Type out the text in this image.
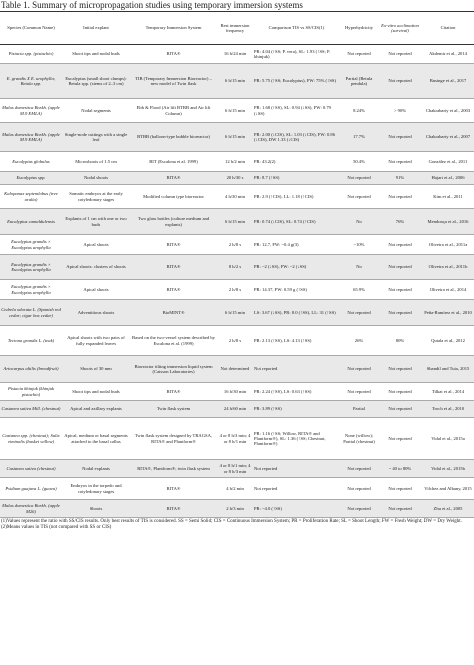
Table 1. Summary of micropropagation studies using temporary immersion systems
Species (Common Name)	Initial explant	Temporary Immersion System	Best immersion frequency	Comparison TIS vs SS/CIS(1)	Hyperhydricity	Ex-vitro acclimation (survival)	Citation
Pistacia spp. (pistachio)	Shoot tips and nodal buds	RITA®	16 h/24 min	PR: 4.04 (↑SS; P. vera), SL: 1.93 (↑SS; P. khinjuk)	Not reported	Not reported	Akdemir et al., 2014
E. grandis X E. urophylla; Betula spp.	Eucalyptus (small shoot clumps): Betula spp. (stems of 2–3 cm)	TIB (Temporary Immersion Bioreactor) – new model of Twin flask	6 h/15 min	PR: 5.75 (↑SS; Eucalyptus), FW: 75% (↑SS)	Partial (Betula pendula)	Not reported	Businge et al., 2017
Malus domestica Borkh. (apple M.9 EMLA)	Nodal segments	Ebb & Flood (Air lift BTBB and Air lift Column)	6 h/15 min	PR: 1.68 (↑SS), SL: 0.94 (↓SS), FW: 0.79 (↓SS)	8.24%	> 90%	Chakrabarty et al., 2003
Malus domestica Borkh. (apple M.9 EMLA)	Single-node cuttings with a single leaf	BTBB (balloon-type bubble bioreactor)	6 h/15 min	PR: 2.00 (↓CIS), SL: 1.03 (↓CIS), FW: 0.86 (↓CIS), DW 1.33 (↓CIS)	17.7%	Not reported	Chakrabarty et al., 2007
Eucalyptus globulus	Microshoots of 1.5 cm	BIT (Escalona et al. 1999)	12 h/2 min	PR: 43.2(2)	50.4%	Not reported	González et al., 2011
Eucalyptus spp.	Nodal shoots	RITA®	20 h/30 s	PR: 8.7 (↑SS)	Not reported	91%	Hajari et al., 2006
Kalopanax septemlobus (tree aralia)	Somatic embryos at the early cotyledonary stages	Modified column type bioreactor	4 h/30 min	PR: 2.9 (↑CIS), LL: 1.18 (↑CIS)	Not reported	Not reported	Kim et al., 2011
Eucalyptus camaldulensis	Explants of 1 cm with one or two buds	Two glass bottles (culture medium and explants)	6 h/15 min	PR: 0.74 (↓CIS), SL: 0.74 (↑CIS)	No	76%	Mendonça et al., 2016
Eucalyptus grandis × Eucalyptus urophylla	Apical shoots	RITA®	2 h/8 s	PR: 12.7, FW: ~0.4 g(3)	~10%	Not reported	Oliveira et al., 2011a
Eucalyptus grandis × Eucalyptus urophylla	Apical shoots: clusters of shoots	RITA®	8 h/2 s	PR: ~2 (↓SS), FW: ~2 (↓SS)	No	Not reported	Oliveira et al., 2011b
Eucalyptus grandis × Eucalyptus urophylla	Apical shoots	RITA®	2 h/8 s	PR: 14.37, FW: 0.59 g (↑SS)	65.9%	Not reported	Oliveira et al., 2014
Cedrela odorata L. (Spanish red cedar; cigar box cedar)	Adventitious shoots	BioMINT®	6 h/15 min	LS: 3.67 (↓SS), PR: 8.0 (↑SS), LL: 31 (↑SS)	Not reported	Not reported	Peña-Ramírez et al., 2010
Tectona grandis L. (teak)	Apical shoots with two pairs of fully expanded leaves	Based on the two-vessel system described by Escalona et al. (1999)	2 h/8 s	PR: 2.13 (↑SS), LS: 4.13 (↑SS)	26%	80%	Quiala et al., 2012
Artocarpus altilis (breadfruit)	Shoots of 30 mm	Bioreactor tilting immersion liquid system (Caisson Laboratories)	Not determined	Not reported	Not reported	Not reported	Shandil and Tuia, 2015
Pistacia khinjuk (khinjuk pistachio)	Shoot tips and nodal buds	RITA®	16 h/30 min	PR: 2.24 (↑SS), LS: 0.63 (↑SS)	Not reported	Not reported	Tilkat et al., 2014
Castanea sativa Mill. (chestnut)	Apical and axillary explants	Twin flask system	24 h/60 min	PR: 3.89 (↑SS)	Partial	Not reported	Troch et al., 2010
Castanea spp. (chestnut); Salix viminalis (basket willow)	Apical, medium or basal segments attached to the basal callus	Twin flask system designed by TRAGSA, RITA® and Plantform®	4 or 8 h/3 min; 4 or 8 h/1 min	PR: 1.16 (↑SS; Willow, RITA® and Plantform®), SL: 1.36 (↑SS; Chestnut, Plantform®)	None (willow); Partial (chestnut)	Not reported	Vidal et al., 2015a
Castanea sativa (chestnut)	Nodal explants	RITA®, Plantform®; twin flask system	4 or 8 h/1 min; 4 or 8 h/3 min	Not reported	Not reported	~ 40 to 80%	Vidal et al., 2015b
Psidium guajava L. (guava)	Embryos in the torpedo and cotyledonary stages	RITA®	4 h/2 min	Not reported	Not reported	Not reported	Vilchez and Albany, 2015
Malus domestica Borkh. (apple M26)	Shoots	RITA®	2 h/3 min	PR: ~4.0 (↑SS)	Not reported	Not reported	Zhu et al., 2005
(1)Values represent the ratio with SS/CIS results. Only best results of TIS is considered. SS = Semi Solid; CIS = Continuous Immersion System; PR = Proliferation Rate; SL = Shoot Length; FW = Fresh Weight; DW = Dry Weight.
(2)Means values in TIS (not compared with SS or CIS)
